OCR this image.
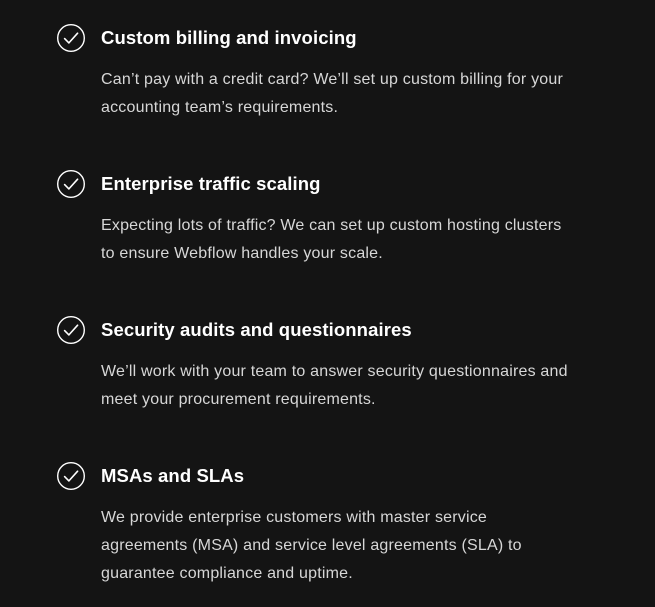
Custom billing and invoicing
Can’t pay with a credit card? We’ll set up custom billing for your accounting team’s requirements.
Enterprise traffic scaling
Expecting lots of traffic? We can set up custom hosting clusters to ensure Webflow handles your scale.
Security audits and questionnaires
We’ll work with your team to answer security questionnaires and meet your procurement requirements.
MSAs and SLAs
We provide enterprise customers with master service agreements (MSA) and service level agreements (SLA) to guarantee compliance and uptime.
